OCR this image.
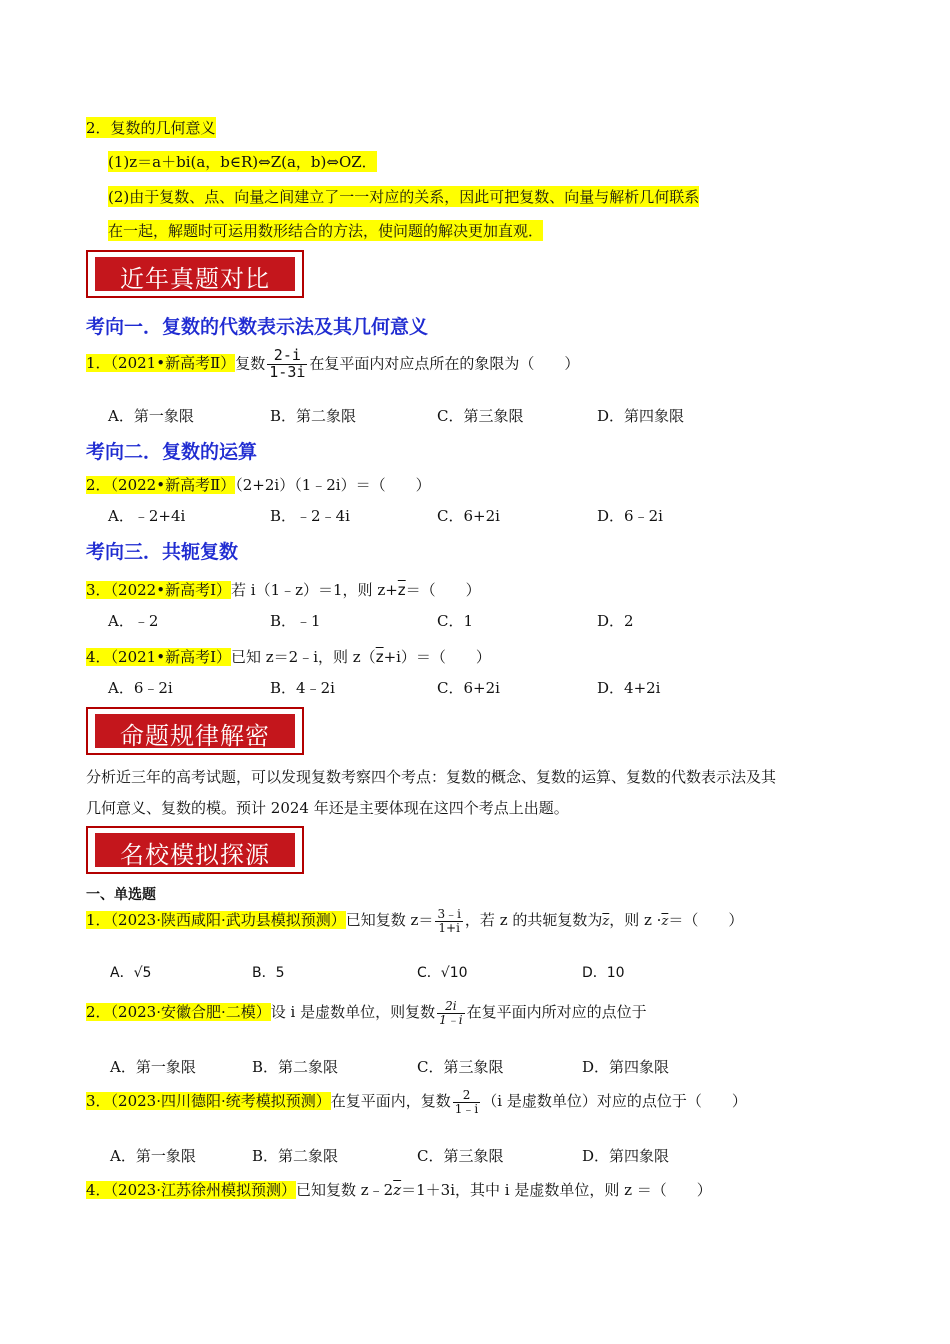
2．复数的几何意义
(1)z＝a＋bi(a，b∈R)⇔Z(a，b)⇔OZ．
(2)由于复数、点、向量之间建立了一一对应的关系，因此可把复数、向量与解析几何联系
在一起，解题时可运用数形结合的方法，使问题的解决更加直观．
近年真题对比
考向一．复数的代数表示法及其几何意义
1．（2021•新高考Ⅱ）复数 $\frac{2-i}{1-3i}$ 在复平面内对应点所在的象限为（　　）
A．第一象限	B．第二象限	C．第三象限	D．第四象限
考向二．复数的运算
2．（2022•新高考Ⅱ）（2+2i）（1﹣2i）＝（　　）
A．﹣2+4i	B．﹣2﹣4i	C．6+2i	D．6﹣2i
考向三．共轭复数
3．（2022•新高考Ⅰ）若 i（1﹣z）＝1，则 $z+\overline{z}=$（　　）
A．﹣2	B．﹣1	C．1	D．2
4．（2021•新高考Ⅰ）已知 z＝2﹣i，则 $z(\overline{z}+i)=$（　　）
A．6﹣2i	B．4﹣2i	C．6+2i	D．4+2i
命题规律解密
分析近三年的高考试题，可以发现复数考察四个考点：复数的概念、复数的运算、复数的代数表示法及其
几何意义、复数的模。预计 2024 年还是主要体现在这四个考点上出题。
名校模拟探源
一、单选题
1．（2023·陕西咸阳·武功县模拟预测）已知复数 $z= \frac{3﹣i}{1+i}$ ，若 z 的共轭复数为$\overline{z}$，则 $z \cdot\overline{z}=$（　　）
A．√5	B．5	C．√10	D．10
2．（2023·安徽合肥·二模）设 i 是虚数单位，则复数 $\frac{2i}{1﹣i}$ 在复平面内所对应的点位于
A．第一象限	B．第二象限	C．第三象限	D．第四象限
3．（2023·四川德阳·统考模拟预测）在复平面内，复数 $\frac{2}{1﹣i} (i$ 是虚数单位）对应的点位于（　　）
A．第一象限	B．第二象限	C．第三象限	D．第四象限
4．（2023·江苏徐州模拟预测）已知复数 $z﹣2\overline{z}=1+3i$，其中 i 是虚数单位，则 z ＝（　　）
